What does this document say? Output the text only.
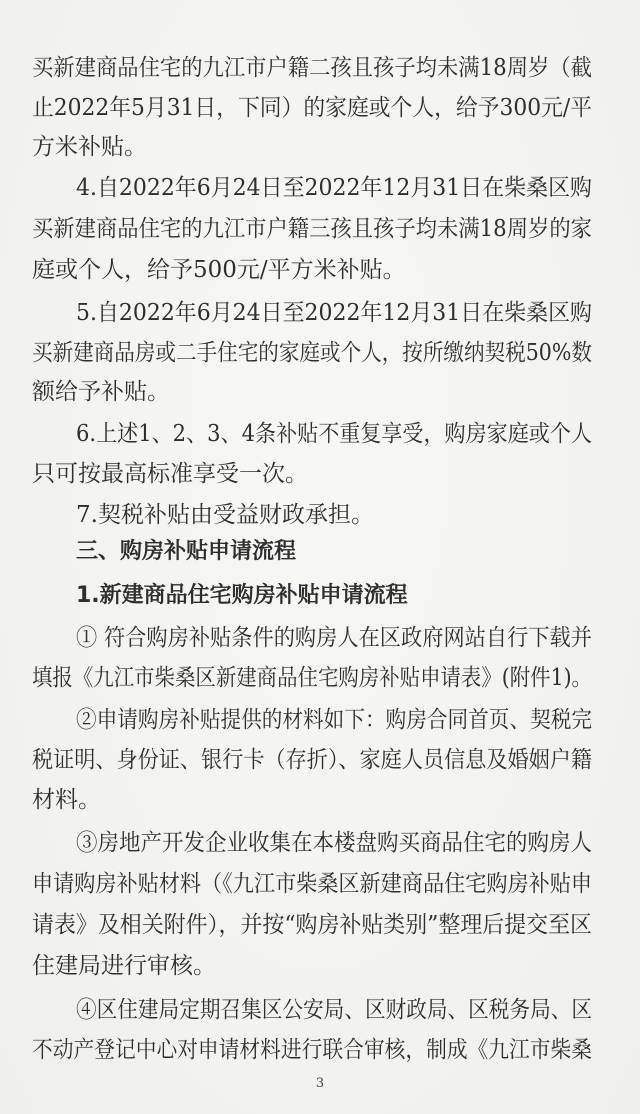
买新建商品住宅的九江市户籍二孩且孩子均未满18周岁（截
止2022年5月31日，下同）的家庭或个人，给予300元/平
方米补贴。
4.自2022年6月24日至2022年12月31日在柴桑区购
买新建商品住宅的九江市户籍三孩且孩子均未满18周岁的家
庭或个人，给予500元/平方米补贴。
5.自2022年6月24日至2022年12月31日在柴桑区购
买新建商品房或二手住宅的家庭或个人，按所缴纳契税50%数
额给予补贴。
6.上述1、2、3、4条补贴不重复享受，购房家庭或个人
只可按最高标准享受一次。
7.契税补贴由受益财政承担。
三、购房补贴申请流程
1.新建商品住宅购房补贴申请流程
① 符合购房补贴条件的购房人在区政府网站自行下载并
填报《九江市柴桑区新建商品住宅购房补贴申请表》(附件1)。
②申请购房补贴提供的材料如下：购房合同首页、契税完
税证明、身份证、银行卡（存折）、家庭人员信息及婚姻户籍
材料。
③房地产开发企业收集在本楼盘购买商品住宅的购房人
申请购房补贴材料（《九江市柴桑区新建商品住宅购房补贴申
请表》及相关附件），并按“购房补贴类别”整理后提交至区
住建局进行审核。
④区住建局定期召集区公安局、区财政局、区税务局、区
不动产登记中心对申请材料进行联合审核，制成《九江市柴桑
3
